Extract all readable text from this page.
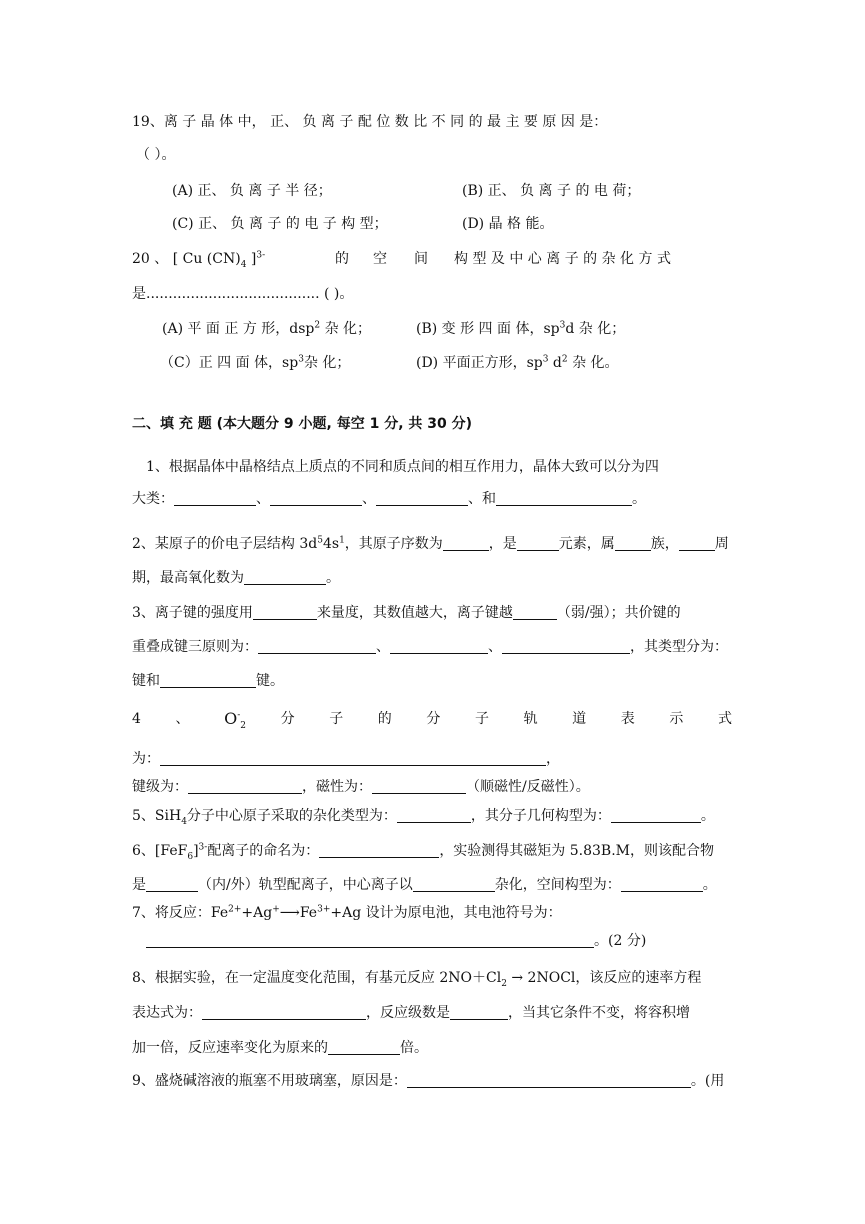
19、离 子 晶 体 中， 正、 负 离 子 配 位 数 比 不 同 的 最 主 要 原 因 是：
（ ）。
(A) 正、 负 离 子 半 径；	(B) 正、 负 离 子 的 电 荷；
(C) 正、 负 离 子 的 电 子 构 型；	(D) 晶 格 能。
20 、 [ Cu $(CN)_4$ ]$^{3-}$	的 空 间 构 型 及 中 心 离 子 的 杂 化 方 式
是....................................... ( )。
(A) 平 面 正 方 形，dsp$^2$ 杂 化；	(B) 变 形 四 面 体，$sp^3d$ 杂 化；
（C）正 四 面 体，$sp^3$杂 化；	(D) 平面正方形，$sp^3$ $d^2$ 杂 化。
二、填 充 题 (本大题分 9 小题, 每空 1 分, 共 30 分)
1、根据晶体中晶格结点上质点的不同和质点间的相互作用力，晶体大致可以分为四
大类：	、	、	、和	。
2、某原子的价电子层结构 $3d^54s^1$，其原子序数为	，是	元素，属	族，	周
期，最高氧化数为	。
3、离子键的强度用	来量度，其数值越大，离子键越	（弱/强）；共价键的
重叠成键三原则为：	、	、	，其类型分为：
键和	键。
4 、 $O^-_2$ 分 子 的 分 子 轨 道 表 示 式
为：	，
键级为：	，磁性为：	（顺磁性/反磁性）。
5、SiH$_4$分子中心原子采取的杂化类型为：	，其分子几何构型为：	。
6、$[FeF_6]^{3-}$配离子的命名为：	，实验测得其磁矩为 5.83B.M，则该配合物
是	（内/外）轨型配离子，中心离子以	杂化，空间构型为：	。
7、将反应：$Fe^{2+}+Ag^+⟶Fe^{3+}+Ag$ 设计为原电池，其电池符号为：
。(2 分)
8、根据实验，在一定温度变化范围，有基元反应 $2NO+Cl_2$ → 2NOCl，该反应的速率方程
表达式为：	，反应级数是	，当其它条件不变，将容积增
加一倍，反应速率变化为原来的	倍。
9、盛烧碱溶液的瓶塞不用玻璃塞，原因是：	。(用
